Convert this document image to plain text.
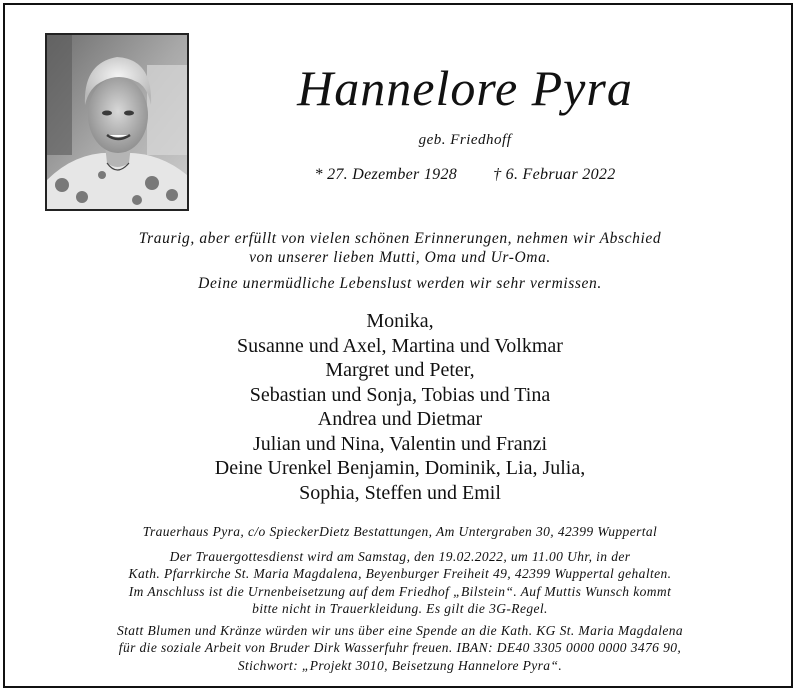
Hannelore Pyra
geb. Friedhoff
* 27. Dezember 1928 † 6. Februar 2022
Traurig, aber erfüllt von vielen schönen Erinnerungen, nehmen wir Abschied
von unserer lieben Mutti, Oma und Ur-Oma.
Deine unermüdliche Lebenslust werden wir sehr vermissen.
Monika,
Susanne und Axel, Martina und Volkmar
Margret und Peter,
Sebastian und Sonja, Tobias und Tina
Andrea und Dietmar
Julian und Nina, Valentin und Franzi
Deine Urenkel Benjamin, Dominik, Lia, Julia,
Sophia, Steffen und Emil
Trauerhaus Pyra, c/o SpieckerDietz Bestattungen, Am Untergraben 30, 42399 Wuppertal
Der Trauergottesdienst wird am Samstag, den 19.02.2022, um 11.00 Uhr, in der
Kath. Pfarrkirche St. Maria Magdalena, Beyenburger Freiheit 49, 42399 Wuppertal gehalten.
Im Anschluss ist die Urnenbeisetzung auf dem Friedhof „Bilstein“. Auf Muttis Wunsch kommt
bitte nicht in Trauerkleidung. Es gilt die 3G-Regel.
Statt Blumen und Kränze würden wir uns über eine Spende an die Kath. KG St. Maria Magdalena
für die soziale Arbeit von Bruder Dirk Wasserfuhr freuen. IBAN: DE40 3305 0000 0000 3476 90,
Stichwort: „Projekt 3010, Beisetzung Hannelore Pyra“.
